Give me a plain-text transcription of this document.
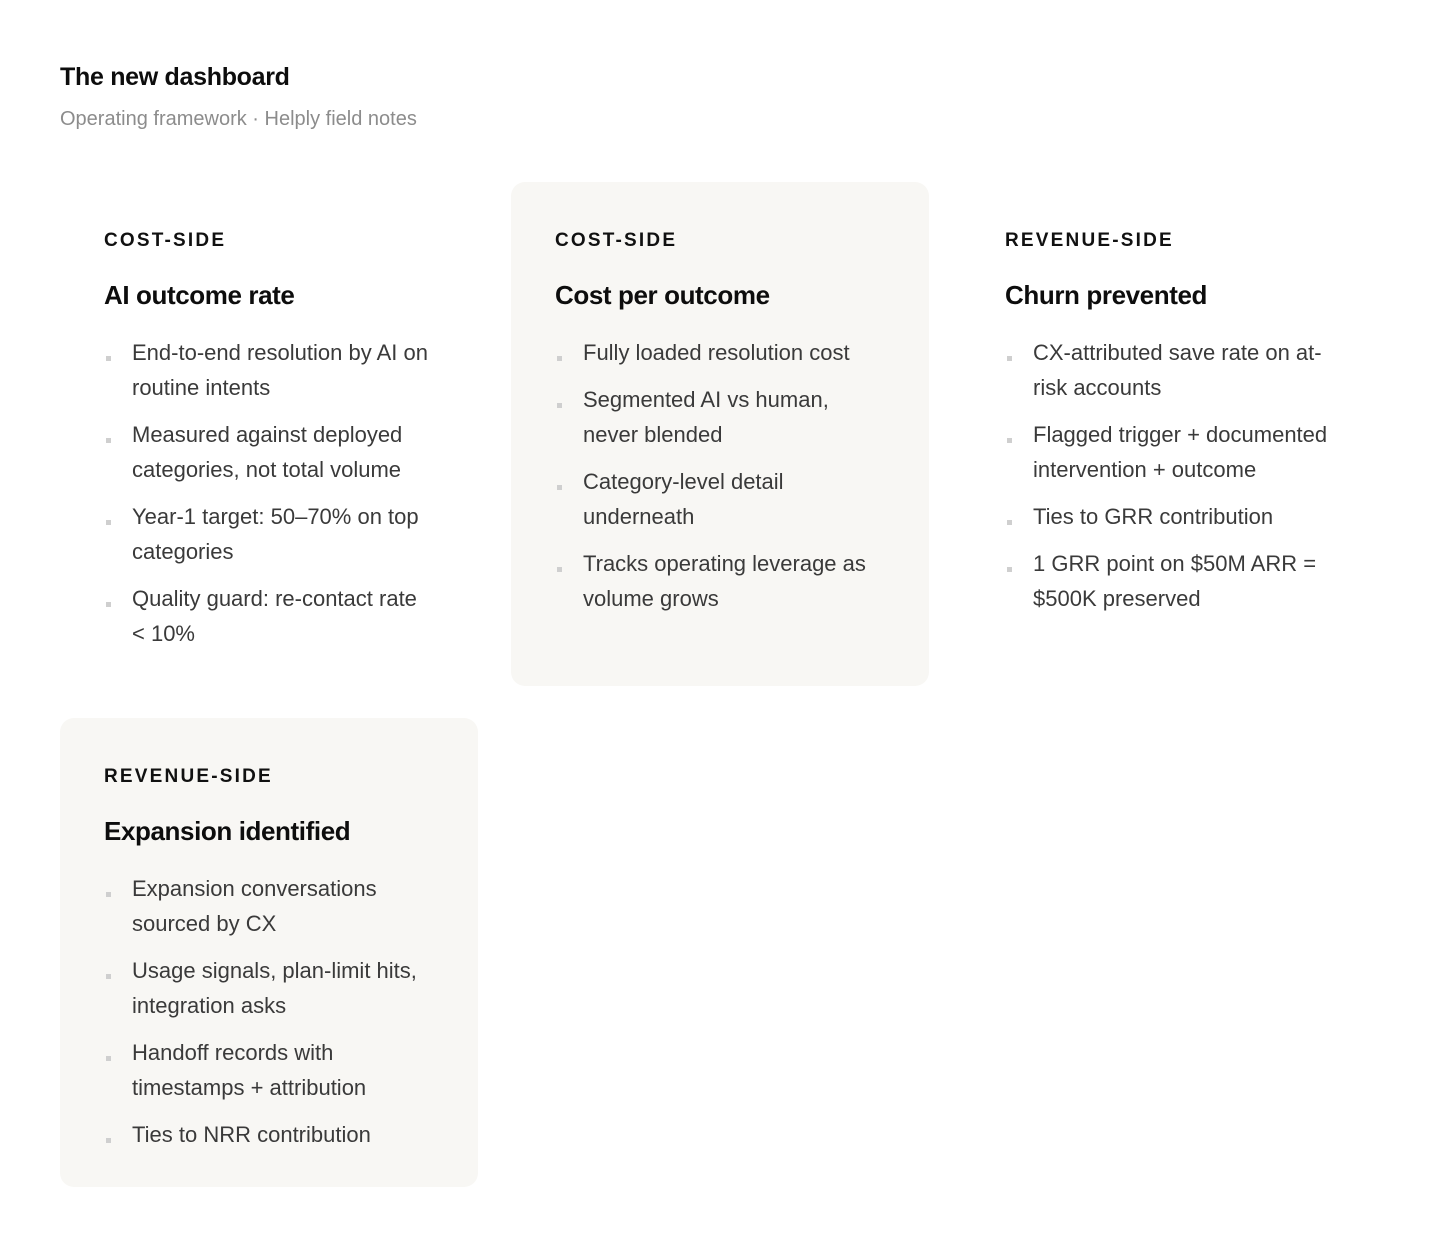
The new dashboard
Operating framework · Helply field notes
COST-SIDE
AI outcome rate
End-to-end resolution by AI on routine intents
Measured against deployed categories, not total volume
Year-1 target: 50–70% on top categories
Quality guard: re-contact rate < 10%
COST-SIDE
Cost per outcome
Fully loaded resolution cost
Segmented AI vs human, never blended
Category-level detail underneath
Tracks operating leverage as volume grows
REVENUE-SIDE
Churn prevented
CX-attributed save rate on at-risk accounts
Flagged trigger + documented intervention + outcome
Ties to GRR contribution
1 GRR point on $50M ARR = $500K preserved
REVENUE-SIDE
Expansion identified
Expansion conversations sourced by CX
Usage signals, plan-limit hits, integration asks
Handoff records with timestamps + attribution
Ties to NRR contribution
